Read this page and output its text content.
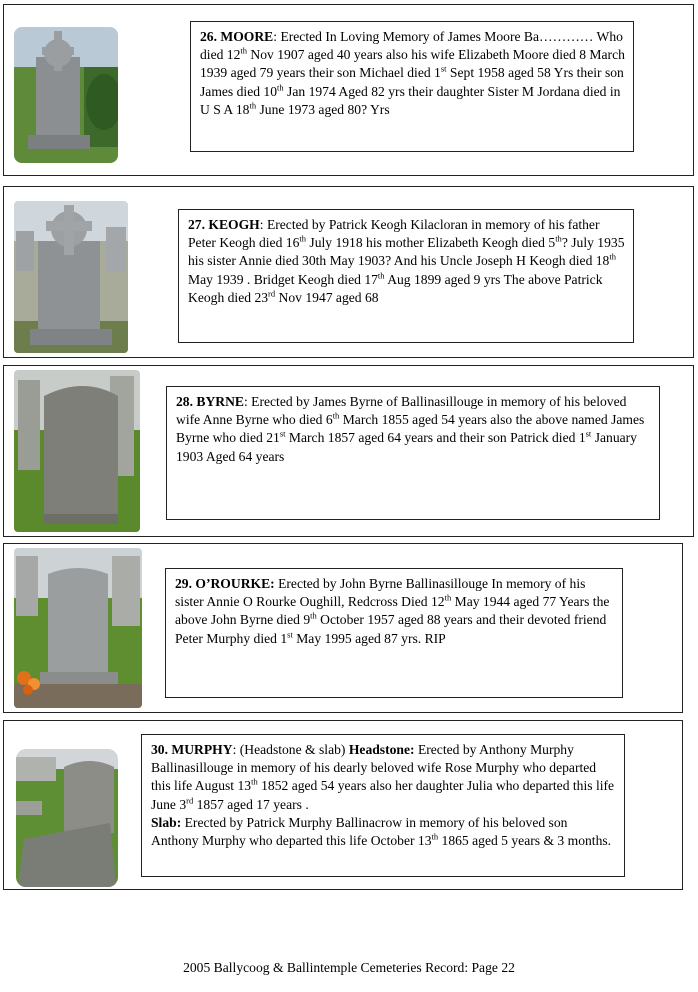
26. MOORE: Erected In Loving Memory of James Moore Ba………… Who died 12th Nov 1907 aged 40 years also his wife Elizabeth Moore died 8 March 1939 aged 79 years their son Michael died 1st Sept 1958 aged 58 Yrs their son James died 10th Jan 1974 Aged 82 yrs their daughter Sister M Jordana died in U S A 18th June 1973 aged 80? Yrs
27. KEOGH: Erected by Patrick Keogh Kilacloran in memory of his father Peter Keogh died 16th July 1918 his mother Elizabeth Keogh died 5th? July 1935 his sister Annie died 30th May 1903? And his Uncle Joseph H Keogh died 18th May 1939 . Bridget Keogh died 17th Aug 1899 aged 9 yrs The above Patrick Keogh died 23rd Nov 1947 aged 68
28. BYRNE: Erected by James Byrne of Ballinasillouge in memory of his beloved wife Anne Byrne who died 6th March 1855 aged 54 years also the above named James Byrne who died 21st March 1857 aged 64 years and their son Patrick died 1st January 1903 Aged 64 years
29. O’ROURKE: Erected by John Byrne Ballinasillouge In memory of his sister Annie O Rourke Oughill, Redcross Died 12th May 1944 aged 77 Years the above John Byrne died 9th October 1957 aged 88 years and their devoted friend Peter Murphy died 1st May 1995 aged 87 yrs. RIP
30. MURPHY: (Headstone & slab) Headstone: Erected by Anthony Murphy Ballinasillouge in memory of his dearly beloved wife Rose Murphy who departed this life August 13th 1852 aged 54 years also her daughter Julia who departed this life June 3rd 1857 aged 17 years .
Slab: Erected by Patrick Murphy Ballinacrow in memory of his beloved son Anthony Murphy who departed this life October 13th 1865 aged 5 years & 3 months.
2005 Ballycoog & Ballintemple Cemeteries Record: Page 22
